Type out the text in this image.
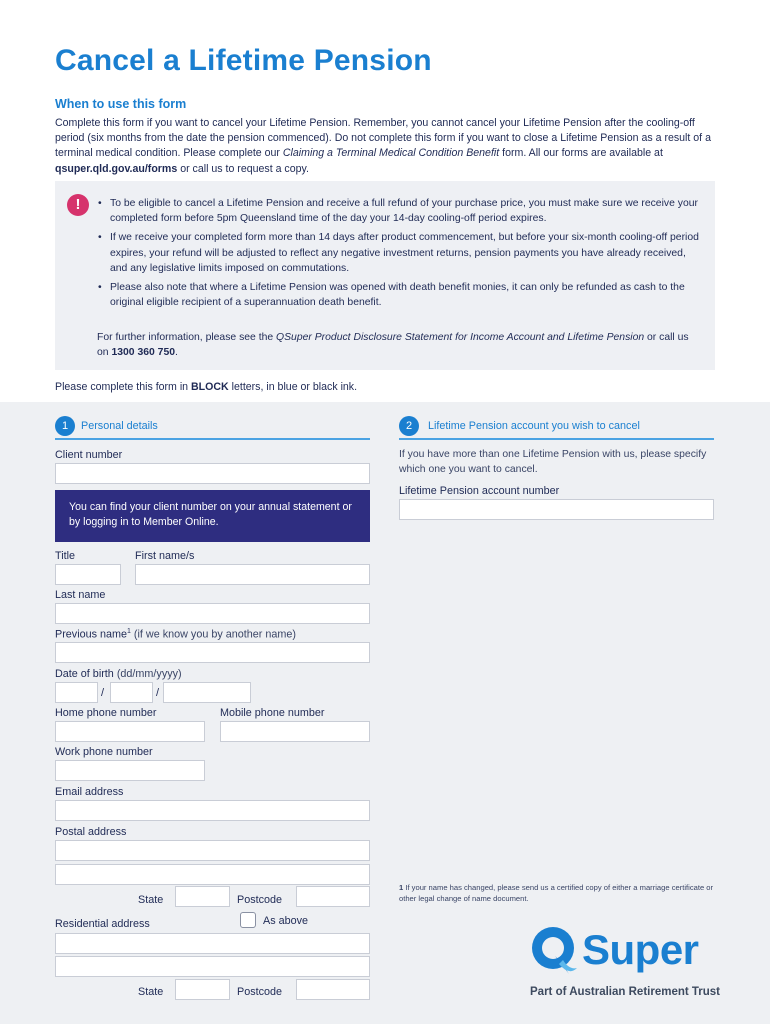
Cancel a Lifetime Pension
When to use this form
Complete this form if you want to cancel your Lifetime Pension. Remember, you cannot cancel your Lifetime Pension after the cooling-off period (six months from the date the pension commenced). Do not complete this form if you want to close a Lifetime Pension as a result of a terminal medical condition. Please complete our Claiming a Terminal Medical Condition Benefit form. All our forms are available at qsuper.qld.gov.au/forms or call us to request a copy.
!
•	To be eligible to cancel a Lifetime Pension and receive a full refund of your purchase price, you must make sure we receive your completed form before 5pm Queensland time of the day your 14-day cooling-off period expires.
• If we receive your completed form more than 14 days after product commencement, but before your six-month cooling-off period expires, your refund will be adjusted to reflect any negative investment returns, pension payments you have already received, and any legislative limits imposed on commutations.
• Please also note that where a Lifetime Pension was opened with death benefit monies, it can only be refunded as cash to the original eligible recipient of a superannuation death benefit.
For further information, please see the QSuper Product Disclosure Statement for Income Account and Lifetime Pension or call us on 1300 360 750.
Please complete this form in BLOCK letters, in blue or black ink.
1	Personal details	2	Lifetime Pension account you wish to cancel
Client number
You can find your client number on your annual statement or by logging in to Member Online.
Title	First name/s
Last name
Previous name$^1$ (if we know you by another name)
Date of birth (dd/mm/yyyy)
/	/
Home phone number	Mobile phone number
Work phone number
Email address
Postal address
State	Postcode
Residential address	As above
State	Postcode
If you have more than one Lifetime Pension with us, please specify which one you want to cancel.
Lifetime Pension account number
1 If your name has changed, please send us a certified copy of either a marriage certificate or other legal change of name document.
Super
Part of Australian Retirement Trust
